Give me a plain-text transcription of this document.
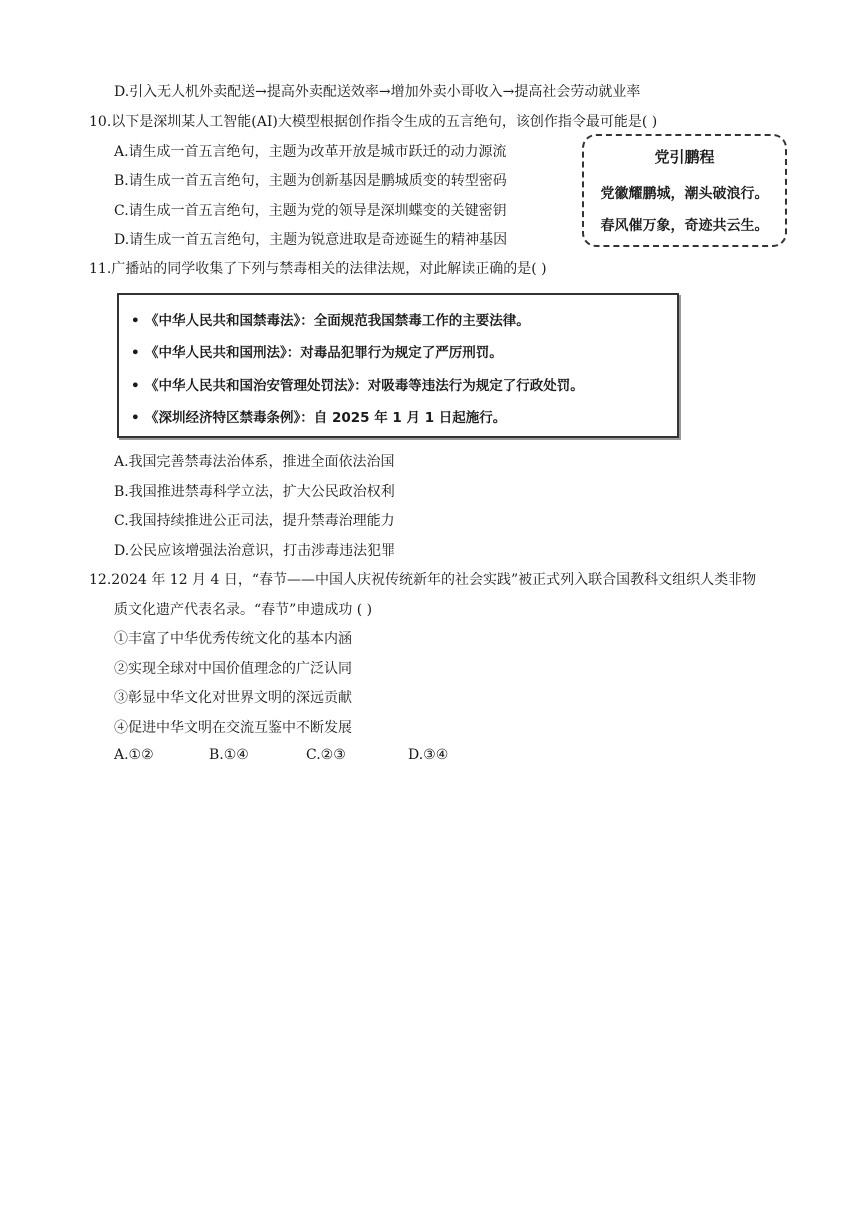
D.引入无人机外卖配送→提高外卖配送效率→增加外卖小哥收入→提高社会劳动就业率
10.以下是深圳某人工智能(AI)大模型根据创作指令生成的五言绝句，该创作指令最可能是( )
A.请生成一首五言绝句，主题为改革开放是城市跃迁的动力源流
B.请生成一首五言绝句，主题为创新基因是鹏城质变的转型密码
C.请生成一首五言绝句，主题为党的领导是深圳蝶变的关键密钥
D.请生成一首五言绝句，主题为锐意进取是奇迹诞生的精神基因
党引鹏程
党徽耀鹏城，潮头破浪行。
春风催万象，奇迹共云生。
11.广播站的同学收集了下列与禁毒相关的法律法规，对此解读正确的是( )
• 《中华人民共和国禁毒法》：全面规范我国禁毒工作的主要法律。
• 《中华人民共和国刑法》：对毒品犯罪行为规定了严厉刑罚。
• 《中华人民共和国治安管理处罚法》：对吸毒等违法行为规定了行政处罚。
• 《深圳经济特区禁毒条例》：自 2025 年 1 月 1 日起施行。
A.我国完善禁毒法治体系，推进全面依法治国
B.我国推进禁毒科学立法，扩大公民政治权利
C.我国持续推进公正司法，提升禁毒治理能力
D.公民应该增强法治意识，打击涉毒违法犯罪
12.2024 年 12 月 4 日，“春节——中国人庆祝传统新年的社会实践”被正式列入联合国教科文组织人类非物
质文化遗产代表名录。“春节”申遗成功 ( )
①丰富了中华优秀传统文化的基本内涵
②实现全球对中国价值理念的广泛认同
③彰显中华文化对世界文明的深远贡献
④促进中华文明在交流互鉴中不断发展
A.①②	B.①④	C.②③	D.③④
